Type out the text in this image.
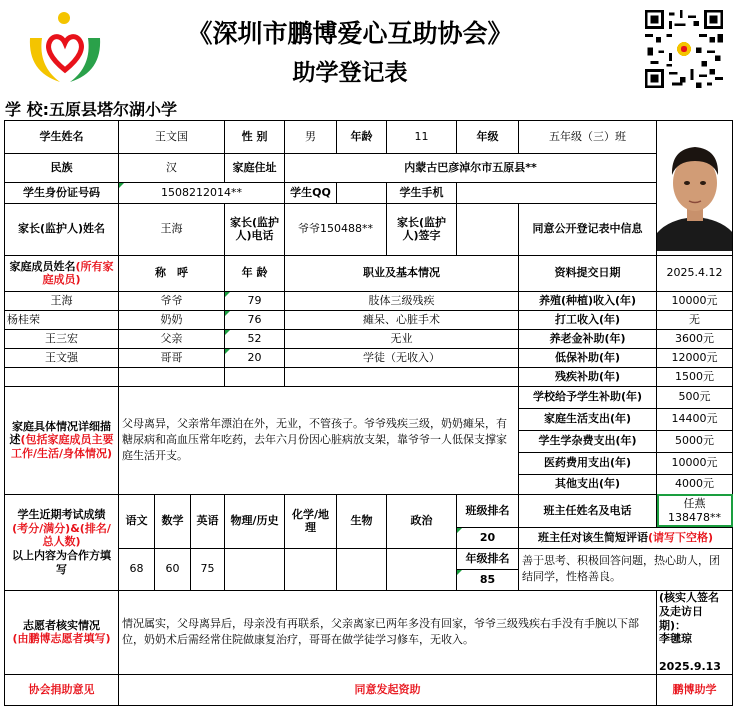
《深圳市鹏博爱心互助协会》
助学登记表
学 校:五原县塔尔湖小学
学生姓名	王文国			性 别	男	年龄	11	年级	五年级（三）班	
民族	汉			家庭住址	内蒙古巴彦淖尔市五原县**					
学生身份证号码	1508212014**				学生QQ		学生手机			
家长(监护人)姓名	王海			家长(监护人)电话	爷爷150488**		家长(监护人)签字		同意公开登记表中信息	
家庭成员姓名(所有家庭成员)	称　呼			年 龄	职业及基本情况				资料提交日期	2025.4.12
王海	爷爷			79	肢体三级残疾				养殖(种植)收入(年)	10000元
杨桂荣	奶奶			76	瘫呆、心脏手术				打工收入(年)	无
王三宏	父亲			52	无业				养老金补助(年)	3600元
王文强	哥哥			20	学徒（无收入）				低保补助(年)	12000元
									残疾补助(年)	1500元
家庭具体情况详细描述(包括家庭成员主要工作/生活/身体情况)	父母离异，父亲常年漂泊在外，无业，不管孩子。爷爷残疾三级，奶奶瘫呆，有糖尿病和高血压常年吃药，去年六月份因心脏病放支架，靠爷爷一人低保支撑家庭生活开支。								学校给予学生补助(年)	500元
									家庭生活支出(年)	14400元
									学生学杂费支出(年)	5000元
									医药费用支出(年)	10000元
									其他支出(年)	4000元
学生近期考试成绩
(考分/满分)&(排名/总人数)
以上内容为合作方填写	语文	数学	英语	物理/历史	化学/地理	生物	政治	班级排名	班主任姓名及电话	任燕138478**
								20	班主任对该生简短评语(请写下空格)	
	68	60	75					年级排名	善于思考、积极回答问题，热心助人，团结同学，性格善良。	
								85		
志愿者核实情况
(由鹏博志愿者填写)	情况属实，父母离异后，母亲没有再联系，父亲离家已两年多没有回家，爷爷三级残疾右手没有手腕以下部位，奶奶术后需经常住院做康复治疗，哥哥在做学徒学习修车，无收入。									(核实人签名及走访日期)：
李毽琼

2025.9.13
协会捐助意见	同意发起资助									鹏博助学
